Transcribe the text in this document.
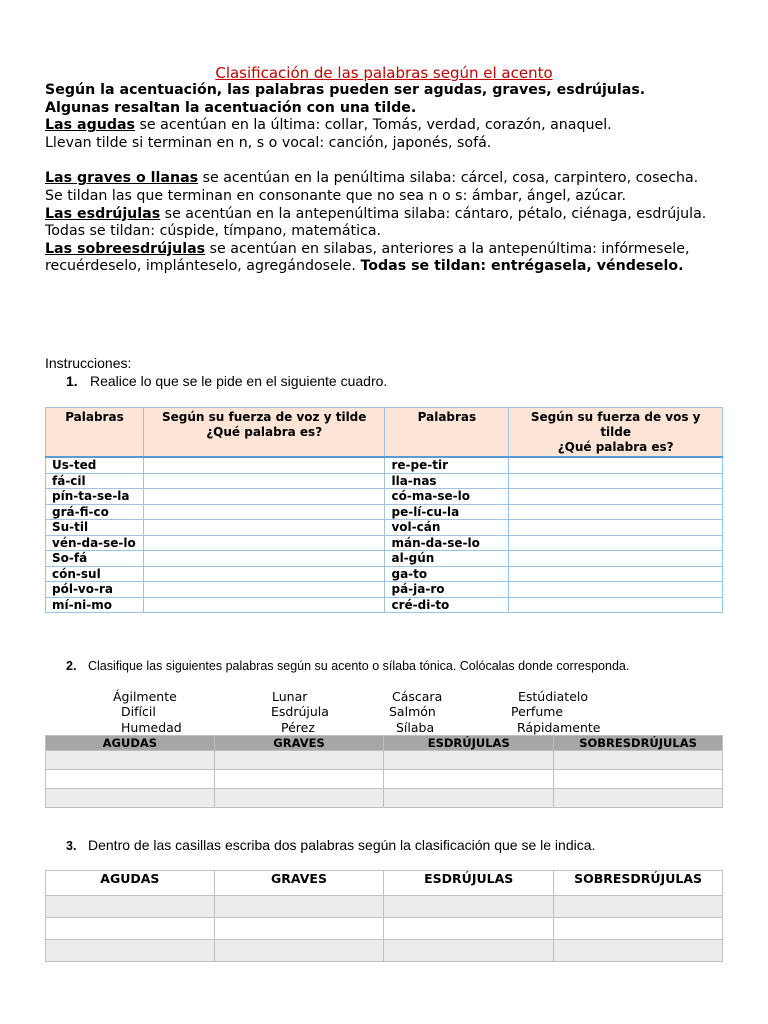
Clasificación de las palabras según el acento

Según la acentuación, las palabras pueden ser agudas, graves, esdrújulas.

Algunas resaltan la acentuación con una tilde.

Las agudas se acentúan en la última: collar, Tomás, verdad, corazón, anaquel.

Llevan tilde si terminan en n, s o vocal: canción, japonés, sofá.

Las graves o llanas se acentúan en la penúltima silaba: cárcel, cosa, carpintero, cosecha.

Se tildan las que terminan en consonante que no sea n o s: ámbar, ángel, azúcar.

Las esdrújulas se acentúan en la antepenúltima silaba: cántaro, pétalo, ciénaga, esdrújula.

Todas se tildan: cúspide, tímpano, matemática.

Las sobreesdrújulas se acentúan en silabas, anteriores a la antepenúltima: infórmesele, recuérdeselo, implánteselo, agregándosele. Todas se tildan: entrégasela, véndeselo.

Instrucciones:
1. Realice lo que se le pide en el siguiente cuadro.
Palabras	Según su fuerza de voz y tilde ¿Qué palabra es?	Palabras	Según su fuerza de vos y tilde
¿Qué palabra es?
Us-ted		re-pe-tir	
fá-cil		lla-nas	
pín-ta-se-la		có-ma-se-lo	
grá-fi-co		pe-lí-cu-la	
Su-til		vol-cán	
vén-da-se-lo		mán-da-se-lo	
So-fá		al-gún	
cón-sul		ga-to	
pól-vo-ra		pá-ja-ro	
mí-ni-mo		cré-di-to	
2. Clasifique las siguientes palabras según su acento o sílaba tónica. Colócalas donde corresponda.
Ágilmente	Lunar	Cáscara	Estúdiatelo
Difícil	Esdrújula	Salmón	Perfume
Humedad	Pérez	Sílaba	Rápidamente
AGUDAS	GRAVES	ESDRÚJULAS	SOBRESDRÚJULAS

3. Dentro de las casillas escriba dos palabras según la clasificación que se le indica.
AGUDAS	GRAVES	ESDRÚJULAS	SOBRESDRÚJULAS
